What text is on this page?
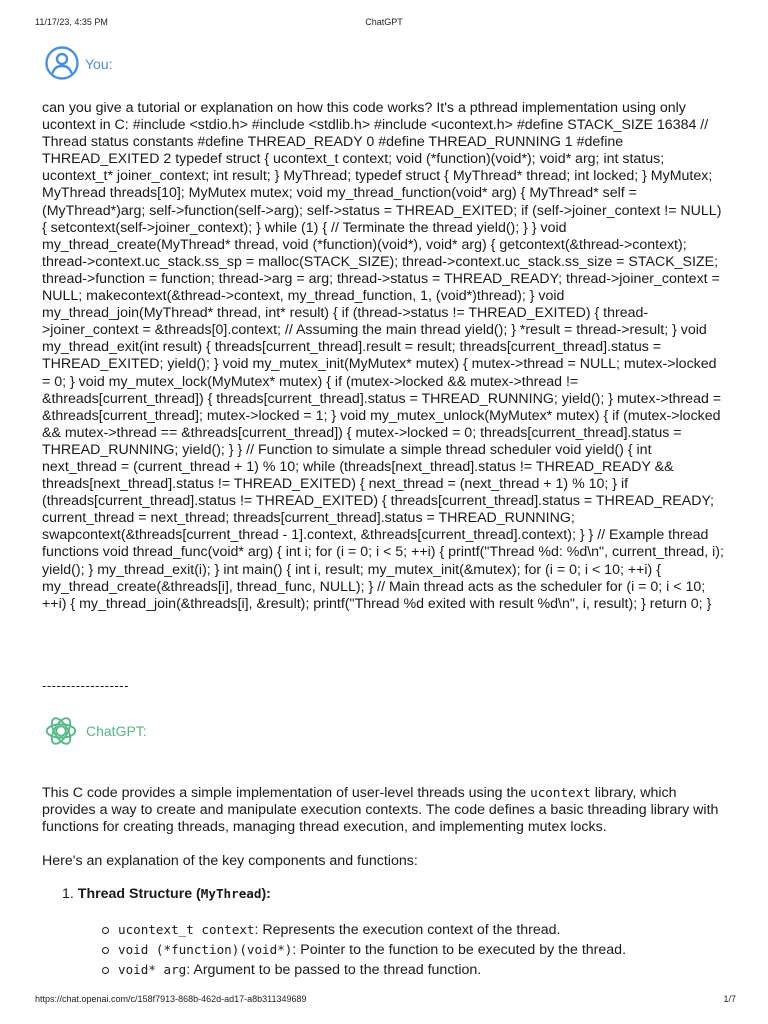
11/17/23, 4:35 PM	ChatGPT
You:

can you give a tutorial or explanation on how this code works? It's a pthread implementation using only ucontext in C: #include <stdio.h> #include <stdlib.h> #include <ucontext.h> #define STACK_SIZE 16384 // Thread status constants #define THREAD_READY 0 #define THREAD_RUNNING 1 #define THREAD_EXITED 2 typedef struct { ucontext_t context; void (*function)(void*); void* arg; int status; ucontext_t* joiner_context; int result; } MyThread; typedef struct { MyThread* thread; int locked; } MyMutex; MyThread threads[10]; MyMutex mutex; void my_thread_function(void* arg) { MyThread* self = (MyThread*)arg; self->function(self->arg); self->status = THREAD_EXITED; if (self->joiner_context != NULL) { setcontext(self->joiner_context); } while (1) { // Terminate the thread yield(); } } void my_thread_create(MyThread* thread, void (*function)(void*), void* arg) { getcontext(&thread->context); thread->context.uc_stack.ss_sp = malloc(STACK_SIZE); thread->context.uc_stack.ss_size = STACK_SIZE; thread->function = function; thread->arg = arg; thread->status = THREAD_READY; thread->joiner_context = NULL; makecontext(&thread->context, my_thread_function, 1, (void*)thread); } void my_thread_join(MyThread* thread, int* result) { if (thread->status != THREAD_EXITED) { thread->joiner_context = &threads[0].context; // Assuming the main thread yield(); } *result = thread->result; } void my_thread_exit(int result) { threads[current_thread].result = result; threads[current_thread].status = THREAD_EXITED; yield(); } void my_mutex_init(MyMutex* mutex) { mutex->thread = NULL; mutex->locked = 0; } void my_mutex_lock(MyMutex* mutex) { if (mutex->locked && mutex->thread != &threads[current_thread]) { threads[current_thread].status = THREAD_RUNNING; yield(); } mutex->thread = &threads[current_thread]; mutex->locked = 1; } void my_mutex_unlock(MyMutex* mutex) { if (mutex->locked && mutex->thread == &threads[current_thread]) { mutex->locked = 0; threads[current_thread].status = THREAD_RUNNING; yield(); } } // Function to simulate a simple thread scheduler void yield() { int next_thread = (current_thread + 1) % 10; while (threads[next_thread].status != THREAD_READY && threads[next_thread].status != THREAD_EXITED) { next_thread = (next_thread + 1) % 10; } if (threads[current_thread].status != THREAD_EXITED) { threads[current_thread].status = THREAD_READY; current_thread = next_thread; threads[current_thread].status = THREAD_RUNNING; swapcontext(&threads[current_thread - 1].context, &threads[current_thread].context); } } // Example thread functions void thread_func(void* arg) { int i; for (i = 0; i < 5; ++i) { printf("Thread %d: %d\n", current_thread, i); yield(); } my_thread_exit(i); } int main() { int i, result; my_mutex_init(&mutex); for (i = 0; i < 10; ++i) { my_thread_create(&threads[i], thread_func, NULL); } // Main thread acts as the scheduler for (i = 0; i < 10; ++i) { my_thread_join(&threads[i], &result); printf("Thread %d exited with result %d\n", i, result); } return 0; }

------------------
ChatGPT:

This C code provides a simple implementation of user-level threads using the ucontext library, which provides a way to create and manipulate execution contexts. The code defines a basic threading library with functions for creating threads, managing thread execution, and implementing mutex locks.

Here's an explanation of the key components and functions:

1. Thread Structure (MyThread):
ucontext_t context: Represents the execution context of the thread.
void (*function)(void*): Pointer to the function to be executed by the thread.
void* arg: Argument to be passed to the thread function.
https://chat.openai.com/c/158f7913-868b-462d-ad17-a8b311349689	1/7
